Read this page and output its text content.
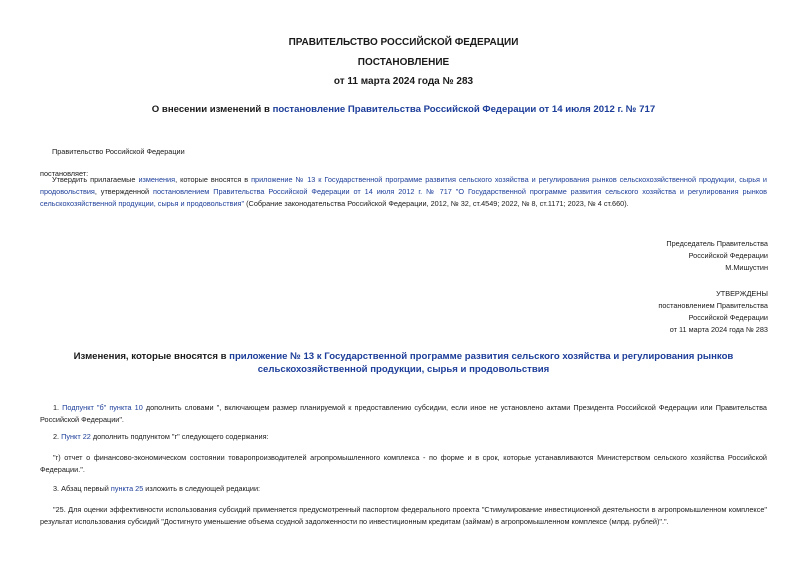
ПРАВИТЕЛЬСТВО РОССИЙСКОЙ ФЕДЕРАЦИИ
ПОСТАНОВЛЕНИЕ
от 11 марта 2024 года № 283
О внесении изменений в постановление Правительства Российской Федерации от 14 июля 2012 г. № 717
Правительство Российской Федерации
постановляет:
Утвердить прилагаемые изменения, которые вносятся в приложение № 13 к Государственной программе развития сельского хозяйства и регулирования рынков сельскохозяйственной продукции, сырья и продовольствия, утвержденной постановлением Правительства Российской Федерации от 14 июля 2012 г. № 717 "О Государственной программе развития сельского хозяйства и регулирования рынков сельскохозяйственной продукции, сырья и продовольствия" (Собрание законодательства Российской Федерации, 2012, № 32, ст.4549; 2022, № 8, ст.1171; 2023, № 4 ст.660).
Председатель Правительства
Российской Федерации
М.Мишустин
УТВЕРЖДЕНЫ
постановлением Правительства
Российской Федерации
от 11 марта 2024 года № 283
Изменения, которые вносятся в приложение № 13 к Государственной программе развития сельского хозяйства и регулирования рынков сельскохозяйственной продукции, сырья и продовольствия
1. Подпункт "б" пункта 10 дополнить словами ", включающем размер планируемой к предоставлению субсидии, если иное не установлено актами Президента Российской Федерации или Правительства Российской Федерации".
2. Пункт 22 дополнить подпунктом "г" следующего содержания:
"г) отчет о финансово-экономическом состоянии товаропроизводителей агропромышленного комплекса - по форме и в срок, которые устанавливаются Министерством сельского хозяйства Российской Федерации.".
3. Абзац первый пункта 25 изложить в следующей редакции:
"25. Для оценки эффективности использования субсидий применяется предусмотренный паспортом федерального проекта "Стимулирование инвестиционной деятельности в агропромышленном комплексе" результат использования субсидий "Достигнуто уменьшение объема ссудной задолженности по инвестиционным кредитам (займам) в агропромышленном комплексе (млрд. рублей)".".
